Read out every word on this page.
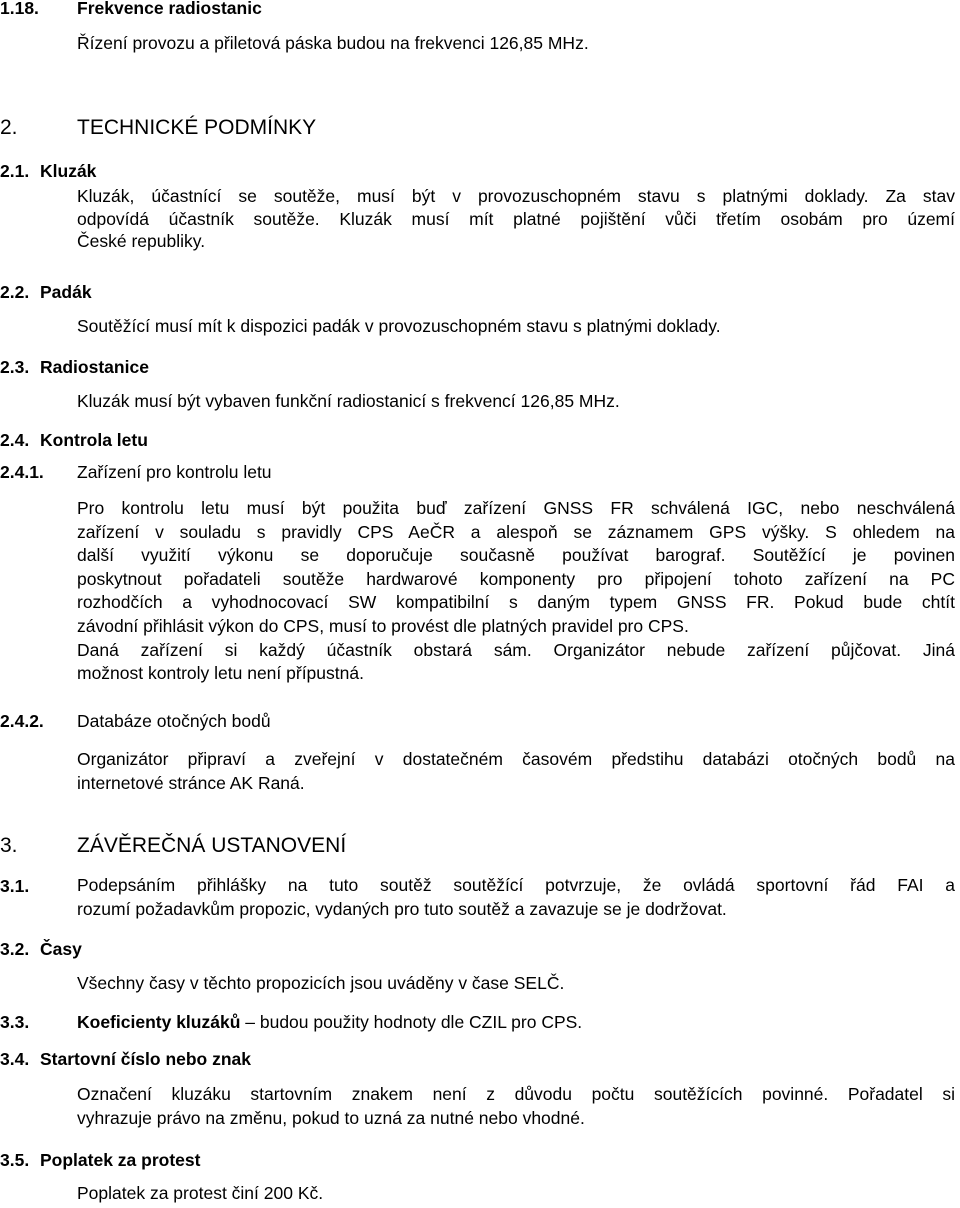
1.18. Frekvence radiostanic
Řízení provozu a přiletová páska budou na frekvenci 126,85 MHz.
2.	TECHNICKÉ PODMÍNKY
2.1. Kluzák
Kluzák, účastnící se soutěže, musí být v provozuschopném stavu s platnými doklady. Za stav
odpovídá účastník soutěže. Kluzák musí mít platné pojištění vůči třetím osobám pro území
České republiky.
2.2. Padák
Soutěžící musí mít k dispozici padák v provozuschopném stavu s platnými doklady.
2.3. Radiostanice
Kluzák musí být vybaven funkční radiostanicí s frekvencí 126,85 MHz.
2.4. Kontrola letu
2.4.1. Zařízení pro kontrolu letu
Pro kontrolu letu musí být použita buď zařízení GNSS FR schválená IGC, nebo neschválená
zařízení v souladu s pravidly CPS AeČR a alespoň se záznamem GPS výšky. S ohledem na
další využití výkonu se doporučuje současně používat barograf. Soutěžící je povinen
poskytnout pořadateli soutěže hardwarové komponenty pro připojení tohoto zařízení na PC
rozhodčích a vyhodnocovací SW kompatibilní s daným typem GNSS FR. Pokud bude chtít
závodní přihlásit výkon do CPS, musí to provést dle platných pravidel pro CPS.
Daná zařízení si každý účastník obstará sám. Organizátor nebude zařízení půjčovat. Jiná
možnost kontroly letu není přípustná.
2.4.2. Databáze otočných bodů
Organizátor připraví a zveřejní v dostatečném časovém předstihu databázi otočných bodů na
internetové stránce AK Raná.
3.	ZÁVĚREČNÁ USTANOVENÍ
3.1.	Podepsáním přihlášky na tuto soutěž soutěžící potvrzuje, že ovládá sportovní řád FAI a
rozumí požadavkům propozic, vydaných pro tuto soutěž a zavazuje se je dodržovat.
3.2. Časy
Všechny časy v těchto propozicích jsou uváděny v čase SELČ.
3.3.	Koeficienty kluzáků – budou použity hodnoty dle CZIL pro CPS.
3.4. Startovní číslo nebo znak
Označení kluzáku startovním znakem není z důvodu počtu soutěžících povinné. Pořadatel si
vyhrazuje právo na změnu, pokud to uzná za nutné nebo vhodné.
3.5. Poplatek za protest
Poplatek za protest činí 200 Kč.
